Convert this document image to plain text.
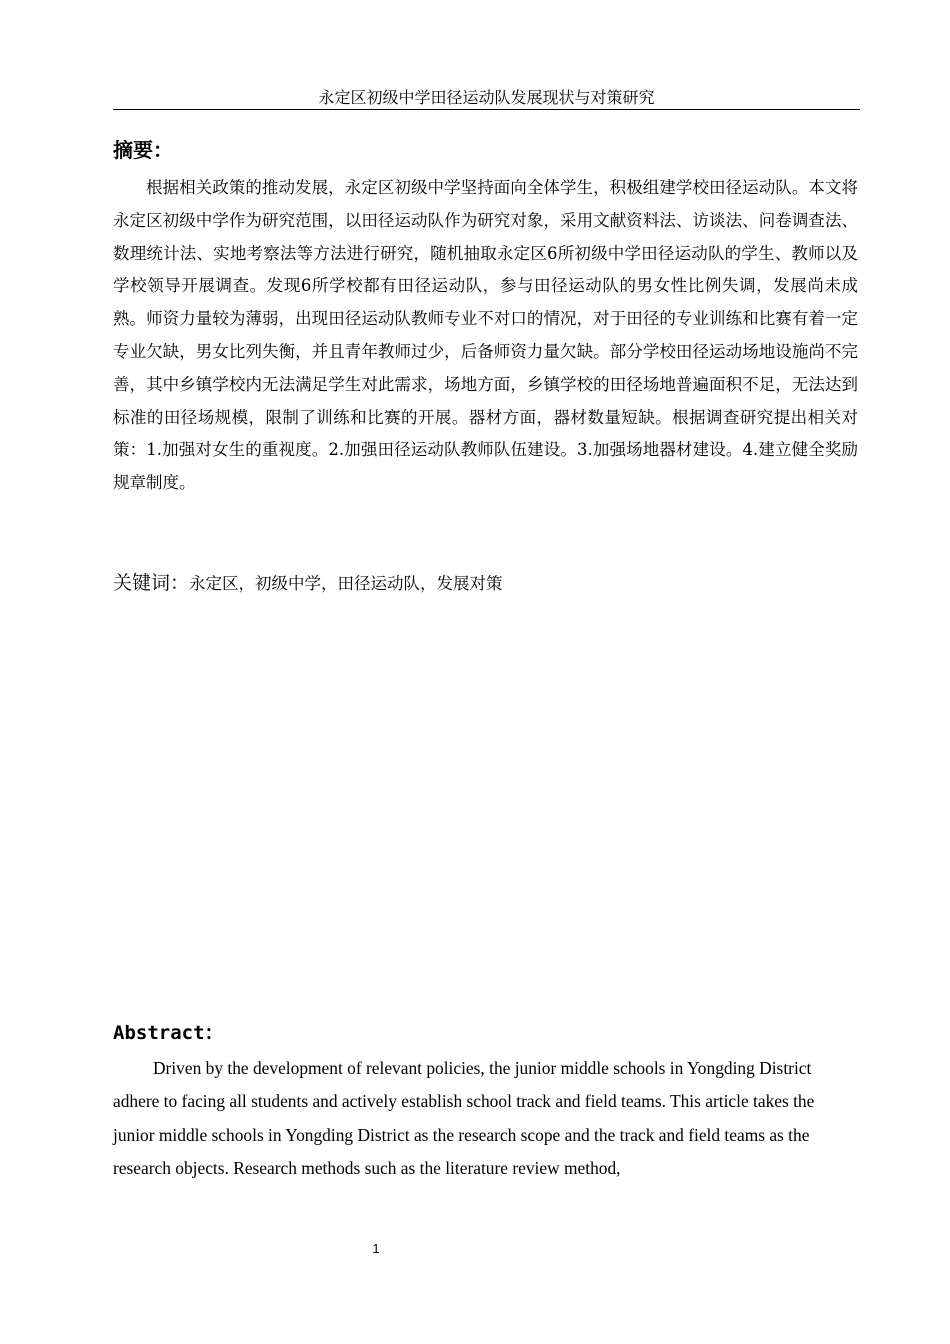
永定区初级中学田径运动队发展现状与对策研究
摘要：

根据相关政策的推动发展，永定区初级中学坚持面向全体学生，积极组建学校田径运动队。本文将永定区初级中学作为研究范围，以田径运动队作为研究对象，采用文献资料法、访谈法、问卷调查法、数理统计法、实地考察法等方法进行研究，随机抽取永定区6所初级中学田径运动队的学生、教师以及学校领导开展调查。发现6所学校都有田径运动队，参与田径运动队的男女性比例失调，发展尚未成熟。师资力量较为薄弱，出现田径运动队教师专业不对口的情况，对于田径的专业训练和比赛有着一定专业欠缺，男女比列失衡，并且青年教师过少，后备师资力量欠缺。部分学校田径运动场地设施尚不完善，其中乡镇学校内无法满足学生对此需求，场地方面，乡镇学校的田径场地普遍面积不足，无法达到标准的田径场规模，限制了训练和比赛的开展。器材方面，器材数量短缺。根据调查研究提出相关对策：1.加强对女生的重视度。2.加强田径运动队教师队伍建设。3.加强场地器材建设。4.建立健全奖励规章制度。

关键词：永定区，初级中学，田径运动队，发展对策
Abstract：

Driven by the development of relevant policies, the junior middle schools in Yongding District adhere to facing all students and actively establish school track and field teams. This article takes the junior middle schools in Yongding District as the research scope and the track and field teams as the research objects. Research methods such as the literature review method,

1
